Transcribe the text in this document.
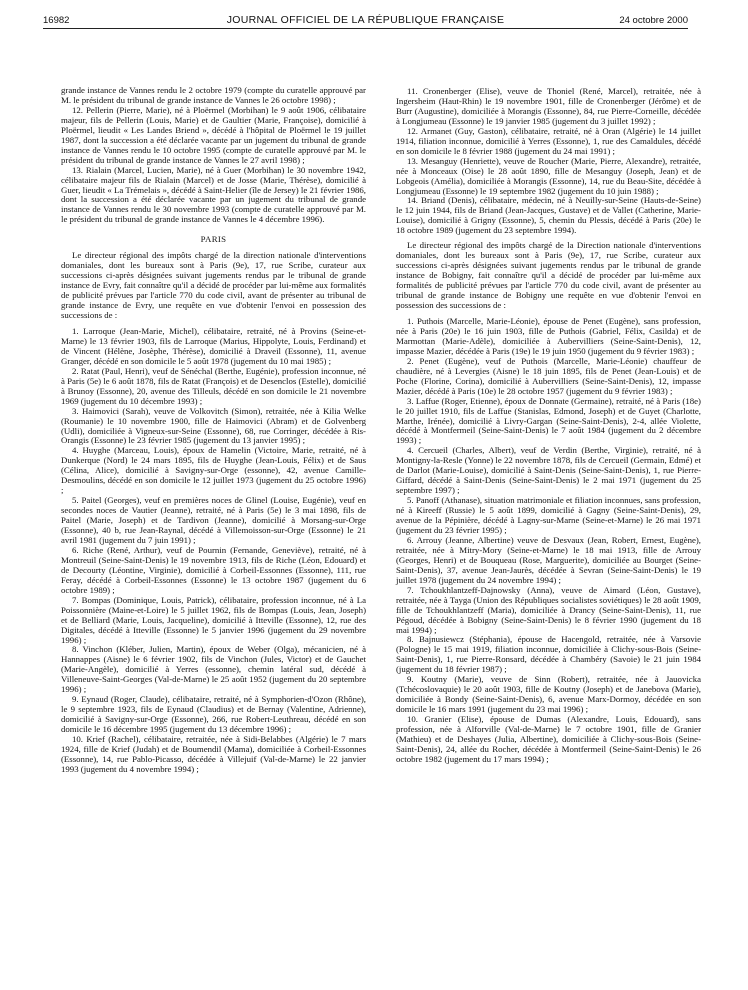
16982	JOURNAL OFFICIEL DE LA RÉPUBLIQUE FRANÇAISE	24 octobre 2000

grande instance de Vannes rendu le 2 octobre 1979 (compte du curatelle approuvé par M. le président du tribunal de grande instance de Vannes le 26 octobre 1998) ;

12. Pellerin (Pierre, Marie), né à Ploërmel (Morbihan) le 9 août 1906, célibataire majeur, fils de Pellerin (Louis, Marie) et de Gaultier (Marie, Françoise), domicilié à Ploërmel, lieudit « Les Landes Briend », décédé à l'hôpital de Ploërmel le 19 juillet 1987, dont la succession a été déclarée vacante par un jugement du tribunal de grande instance de Vannes rendu le 10 octobre 1995 (compte de curatelle approuvé par M. le président du tribunal de grande instance de Vannes le 27 avril 1998) ;

13. Rialain (Marcel, Lucien, Marie), né à Guer (Morbihan) le 30 novembre 1942, célibataire majeur fils de Rialain (Marcel) et de Josse (Marie, Thérèse), domicilié à Guer, lieudit « La Trémelais », décédé à Saint-Helier (île de Jersey) le 21 février 1986, dont la succession a été déclarée vacante par un jugement du tribunal de grande instance de Vannes rendu le 30 novembre 1993 (compte de curatelle approuvé par M. le président du tribunal de grande instance de Vannes le 4 décembre 1996).

PARIS

Le directeur régional des impôts chargé de la direction nationale d'interventions domaniales, dont les bureaux sont à Paris (9e), 17, rue Scribe, curateur aux successions ci-après désignées suivant jugements rendus par le tribunal de grande instance de Evry, fait connaître qu'il a décidé de procéder par lui-même aux formalités de publicité prévues par l'article 770 du code civil, avant de présenter au tribunal de grande instance de Evry, une requête en vue d'obtenir l'envoi en possession des successions de :

1. Larroque (Jean-Marie, Michel), célibataire, retraité, né à Provins (Seine-et-Marne) le 13 février 1903, fils de Larroque (Marius, Hippolyte, Louis, Ferdinand) et de Vincent (Hélène, Josèphe, Thérèse), domicilié à Draveil (Essonne), 11, avenue Granger, décédé en son domicile le 5 août 1978 (jugement du 10 mai 1985) ;

2. Ratat (Paul, Henri), veuf de Sénéchal (Berthe, Eugénie), profession inconnue, né à Paris (5e) le 6 août 1878, fils de Ratat (François) et de Desenclos (Estelle), domicilié à Brunoy (Essonne), 20, avenue des Tilleuls, décédé en son domicile le 21 novembre 1969 (jugement du 10 décembre 1993) ;

3. Haimovici (Sarah), veuve de Volkovitch (Simon), retraitée, née à Kilia Welke (Roumanie) le 10 novembre 1900, fille de Haimovici (Abram) et de Golvenberg (Udli), domiciliée à Vigneux-sur-Seine (Essonne), 68, rue Corringer, décédée à Ris-Orangis (Essonne) le 23 février 1985 (jugement du 13 janvier 1995) ;

4. Huyghe (Marceau, Louis), époux de Hamelin (Victoire, Marie, retraité, né à Dunkerque (Nord) le 24 mars 1895, fils de Huyghe (Jean-Louis, Félix) et de Saus (Célina, Alice), domicilié à Savigny-sur-Orge (essonne), 42, avenue Camille-Desmoulins, décédé en son domicile le 12 juillet 1973 (jugement du 25 octobre 1996) ;

5. Paitel (Georges), veuf en premières noces de Glinel (Louise, Eugénie), veuf en secondes noces de Vautier (Jeanne), retraité, né à Paris (5e) le 3 mai 1898, fils de Paitel (Marie, Joseph) et de Tardivon (Jeanne), domicilié à Morsang-sur-Orge (Essonne), 40 b, rue Jean-Raynal, décédé à Villemoisson-sur-Orge (Essonne) le 21 avril 1981 (jugement du 7 juin 1991) ;

6. Riche (René, Arthur), veuf de Pournin (Fernande, Geneviève), retraité, né à Montreuil (Seine-Saint-Denis) le 19 novembre 1913, fils de Riche (Léon, Edouard) et de Decourty (Léontine, Virginie), domicilié à Corbeil-Essonnes (Essonne), 111, rue Feray, décédé à Corbeil-Essonnes (Essonne) le 13 octobre 1987 (jugement du 6 octobre 1989) ;

7. Bompas (Dominique, Louis, Patrick), célibataire, profession inconnue, né à La Poissonnière (Maine-et-Loire) le 5 juillet 1962, fils de Bompas (Louis, Jean, Joseph) et de Belliard (Marie, Louis, Jacqueline), domicilié à Itteville (Essonne), 12, rue des Digitales, décédé à Itteville (Essonne) le 5 janvier 1996 (jugement du 29 novembre 1996) ;

8. Vinchon (Kléber, Julien, Martin), époux de Weber (Olga), mécanicien, né à Hannappes (Aisne) le 6 février 1902, fils de Vinchon (Jules, Victor) et de Gauchet (Marie-Angèle), domicilié à Yerres (essonne), chemin latéral sud, décédé à Villeneuve-Saint-Georges (Val-de-Marne) le 25 août 1952 (jugement du 20 septembre 1996) ;

9. Eynaud (Roger, Claude), célibataire, retraité, né à Symphorien-d'Ozon (Rhône), le 9 septembre 1923, fils de Eynaud (Claudius) et de Bernay (Valentine, Adrienne), domicilié à Savigny-sur-Orge (Essonne), 266, rue Robert-Leuthreau, décédé en son domicile le 16 décembre 1995 (jugement du 13 décembre 1996) ;

10. Krief (Rachel), célibataire, retraitée, née à Sidi-Belabbes (Algérie) le 7 mars 1924, fille de Krief (Judah) et de Boumendil (Mama), domiciliée à Corbeil-Essonnes (Essonne), 14, rue Pablo-Picasso, décédée à Villejuif (Val-de-Marne) le 22 janvier 1993 (jugement du 4 novembre 1994) ;

11. Cronenberger (Elise), veuve de Thoniel (René, Marcel), retraitée, née à Ingersheim (Haut-Rhin) le 19 novembre 1901, fille de Cronenberger (Jérôme) et de Burr (Augustine), domiciliée à Morangis (Essonne), 84, rue Pierre-Corneille, décédée à Longjumeau (Essonne) le 19 janvier 1985 (jugement du 3 juillet 1992) ;

12. Armanet (Guy, Gaston), célibataire, retraité, né à Oran (Algérie) le 14 juillet 1914, filiation inconnue, domicilié à Yerres (Essonne), 1, rue des Camaldules, décédé en son domicile le 8 février 1988 (jugement du 24 mai 1991) ;

13. Mesanguy (Henriette), veuve de Roucher (Marie, Pierre, Alexandre), retraitée, née à Monceaux (Oise) le 28 août 1890, fille de Mesanguy (Joseph, Jean) et de Lobgeois (Amélia), domiciliée à Morangis (Essonne), 14, rue du Beau-Site, décédée à Longjumeau (Essonne) le 19 septembre 1982 (jugement du 10 juin 1988) ;

14. Briand (Denis), célibataire, médecin, né à Neuilly-sur-Seine (Hauts-de-Seine) le 12 juin 1944, fils de Briand (Jean-Jacques, Gustave) et de Vallet (Catherine, Marie-Louise), domicilié à Grigny (Essonne), 5, chemin du Plessis, décédé à Paris (20e) le 18 octobre 1989 (jugement du 23 septembre 1994).

Le directeur régional des impôts chargé de la Direction nationale d'interventions domaniales, dont les bureaux sont à Paris (9e), 17, rue Scribe, curateur aux successions ci-après désignées suivant jugements rendus par le tribunal de grande instance de Bobigny, fait connaître qu'il a décidé de procéder par lui-même aux formalités de publicité prévues par l'article 770 du code civil, avant de présenter au tribunal de grande instance de Bobigny une requête en vue d'obtenir l'envoi en possession des successions de :

1. Puthois (Marcelle, Marie-Léonie), épouse de Penet (Eugène), sans profession, née à Paris (20e) le 16 juin 1903, fille de Puthois (Gabriel, Félix, Casilda) et de Marmottan (Marie-Adèle), domiciliée à Aubervilliers (Seine-Saint-Denis), 12, impasse Mazier, décédée à Paris (19e) le 19 juin 1950 (jugement du 9 février 1983) ;

2. Penet (Eugène), veuf de Puthois (Marcelle, Marie-Léonie) chauffeur de chaudière, né à Levergies (Aisne) le 18 juin 1895, fils de Penet (Jean-Louis) et de Poche (Florine, Corina), domicilié à Aubervilliers (Seine-Saint-Denis), 12, impasse Mazier, décédé à Paris (10e) le 28 octobre 1957 (jugement du 9 février 1983) ;

3. Laffue (Roger, Etienne), époux de Donnate (Germaine), retraité, né à Paris (18e) le 20 juillet 1910, fils de Laffue (Stanislas, Edmond, Joseph) et de Guyet (Charlotte, Marthe, Irénée), domicilié à Livry-Gargan (Seine-Saint-Denis), 2-4, allée Violette, décédé à Montfermeil (Seine-Saint-Denis) le 7 août 1984 (jugement du 2 décembre 1993) ;

4. Cercueil (Charles, Albert), veuf de Verdin (Berthe, Virginie), retraité, né à Montigny-la-Resle (Yonne) le 22 novembre 1878, fils de Cercueil (Germain, Edmé) et de Darlot (Marie-Louise), domicilié à Saint-Denis (Seine-Saint-Denis), 1, rue Pierre-Giffard, décédé à Saint-Denis (Seine-Saint-Denis) le 2 mai 1971 (jugement du 25 septembre 1997) ;

5. Panoff (Athanase), situation matrimoniale et filiation inconnues, sans profession, né à Kireeff (Russie) le 5 août 1899, domicilié à Gagny (Seine-Saint-Denis), 29, avenue de la Pépinière, décédé à Lagny-sur-Marne (Seine-et-Marne) le 26 mai 1971 (jugement du 23 février 1995) ;

6. Arrouy (Jeanne, Albertine) veuve de Desvaux (Jean, Robert, Ernest, Eugène), retraitée, née à Mitry-Mory (Seine-et-Marne) le 18 mai 1913, fille de Arrouy (Georges, Henri) et de Bouqueau (Rose, Marguerite), domiciliée au Bourget (Seine-Saint-Denis), 37, avenue Jean-Jaurès, décédée à Sevran (Seine-Saint-Denis) le 19 juillet 1978 (jugement du 24 novembre 1994) ;

7. Tchoukhlantzeff-Dajnowsky (Anna), veuve de Aimard (Léon, Gustave), retraitée, née à Tayga (Union des Républiques socialistes soviétiques) le 28 août 1909, fille de Tchoukhlantzeff (Maria), domiciliée à Drancy (Seine-Saint-Denis), 11, rue Pégoud, décédée à Bobigny (Seine-Saint-Denis) le 8 février 1990 (jugement du 18 mai 1994) ;

8. Bajnusiewcz (Stéphania), épouse de Hacengold, retraitée, née à Varsovie (Pologne) le 15 mai 1919, filiation inconnue, domiciliée à Clichy-sous-Bois (Seine-Saint-Denis), 1, rue Pierre-Ronsard, décédée à Chambéry (Savoie) le 21 juin 1984 (jugement du 18 février 1987) ;

9. Koutny (Marie), veuve de Sinn (Robert), retraitée, née à Jauovicka (Tchécoslovaquie) le 20 août 1903, fille de Koutny (Joseph) et de Janebova (Marie), domiciliée à Bondy (Seine-Saint-Denis), 6, avenue Marx-Dormoy, décédée en son domicile le 16 mars 1991 (jugement du 23 mai 1996) ;

10. Granier (Elise), épouse de Dumas (Alexandre, Louis, Edouard), sans profession, née à Alforville (Val-de-Marne) le 7 octobre 1901, fille de Granier (Mathieu) et de Deshayes (Julia, Albertine), domiciliée à Clichy-sous-Bois (Seine-Saint-Denis), 24, allée du Rocher, décédée à Montfermeil (Seine-Saint-Denis) le 26 octobre 1982 (jugement du 17 mars 1994) ;
